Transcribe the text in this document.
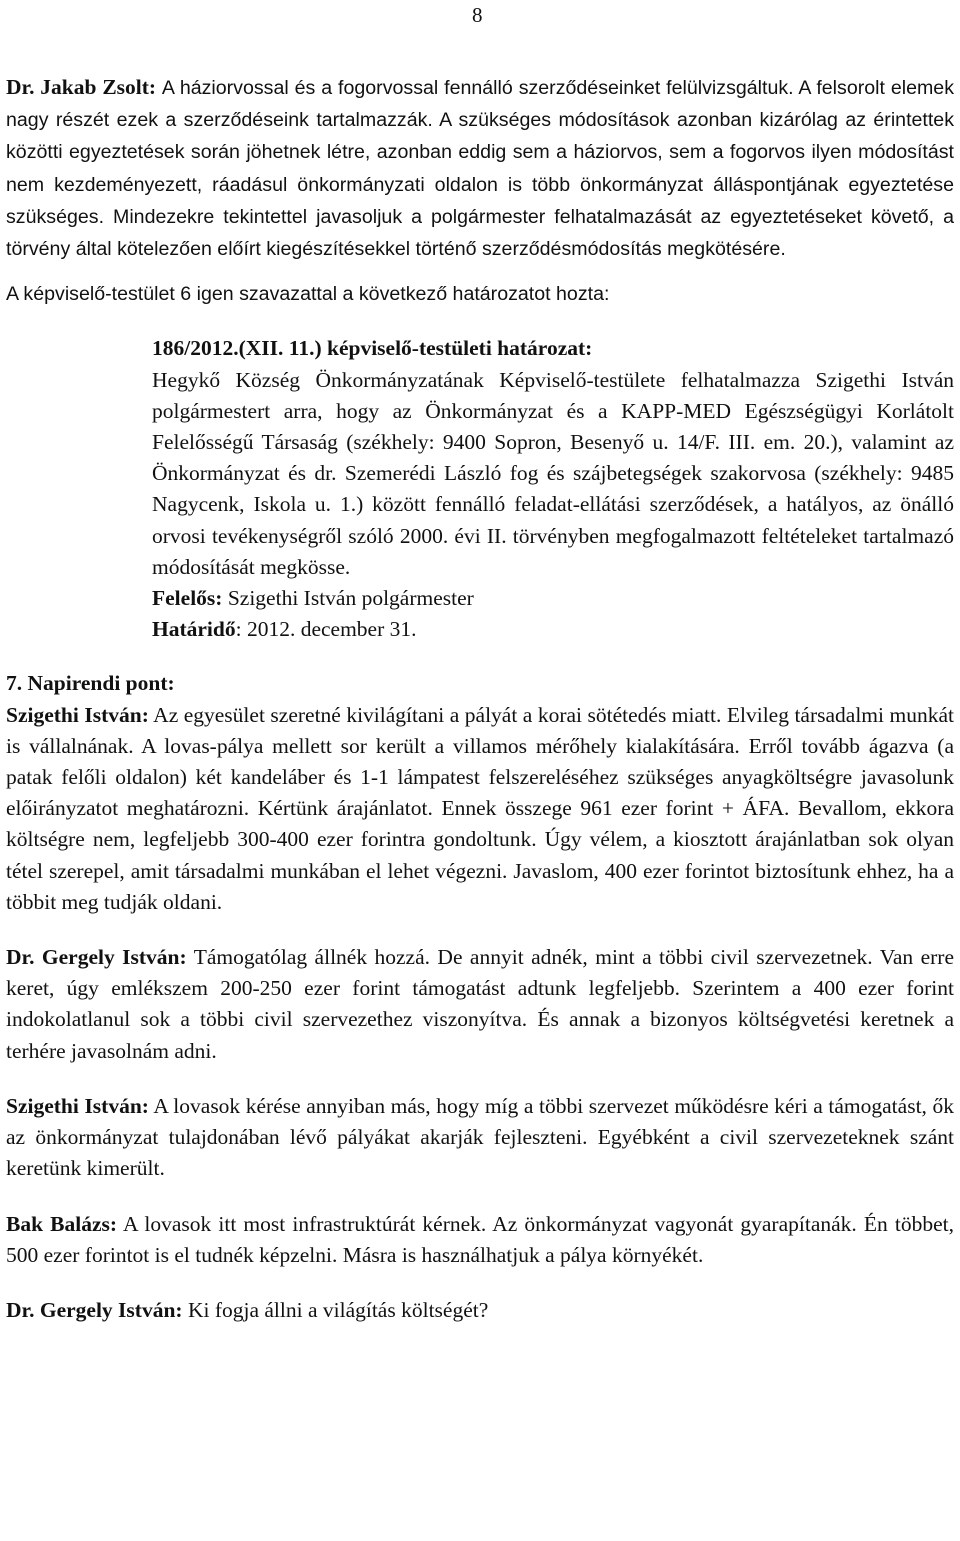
8

Dr. Jakab Zsolt: A háziorvossal és a fogorvossal fennálló szerződéseinket felülvizsgáltuk. A felsorolt elemek nagy részét ezek a szerződéseink tartalmazzák. A szükséges módosítások azonban kizárólag az érintettek közötti egyeztetések során jöhetnek létre, azonban eddig sem a háziorvos, sem a fogorvos ilyen módosítást nem kezdeményezett, ráadásul önkormányzati oldalon is több önkormányzat álláspontjának egyeztetése szükséges. Mindezekre tekintettel javasoljuk a polgármester felhatalmazását az egyeztetéseket követő, a törvény által kötelezően előírt kiegészítésekkel történő szerződésmódosítás megkötésére.

A képviselő-testület 6 igen szavazattal a következő határozatot hozta:

186/2012.(XII. 11.) képviselő-testületi határozat:

Hegykő Község Önkormányzatának Képviselő-testülete felhatalmazza Szigethi István polgármestert arra, hogy az Önkormányzat és a KAPP-MED Egészségügyi Korlátolt Felelősségű Társaság (székhely: 9400 Sopron, Besenyő u. 14/F. III. em. 20.), valamint az Önkormányzat és dr. Szemerédi László fog és szájbetegségek szakorvosa (székhely: 9485 Nagycenk, Iskola u. 1.) között fennálló feladat-ellátási szerződések, a hatályos, az önálló orvosi tevékenységről szóló 2000. évi II. törvényben megfogalmazott feltételeket tartalmazó módosítását megkösse.

Felelős: Szigethi István polgármester

Határidő: 2012. december 31.

7. Napirendi pont:

Szigethi István: Az egyesület szeretné kivilágítani a pályát a korai sötétedés miatt. Elvileg társadalmi munkát is vállalnának. A lovas-pálya mellett sor került a villamos mérőhely kialakítására. Erről tovább ágazva (a patak felőli oldalon) két kandeláber és 1-1 lámpatest felszereléséhez szükséges anyagköltségre javasolunk előirányzatot meghatározni. Kértünk árajánlatot. Ennek összege 961 ezer forint + ÁFA. Bevallom, ekkora költségre nem, legfeljebb 300-400 ezer forintra gondoltunk. Úgy vélem, a kiosztott árajánlatban sok olyan tétel szerepel, amit társadalmi munkában el lehet végezni. Javaslom, 400 ezer forintot biztosítunk ehhez, ha a többit meg tudják oldani.

Dr. Gergely István: Támogatólag állnék hozzá. De annyit adnék, mint a többi civil szervezetnek. Van erre keret, úgy emlékszem 200-250 ezer forint támogatást adtunk legfeljebb. Szerintem a 400 ezer forint indokolatlanul sok a többi civil szervezethez viszonyítva. És annak a bizonyos költségvetési keretnek a terhére javasolnám adni.

Szigethi István: A lovasok kérése annyiban más, hogy míg a többi szervezet működésre kéri a támogatást, ők az önkormányzat tulajdonában lévő pályákat akarják fejleszteni. Egyébként a civil szervezeteknek szánt keretünk kimerült.

Bak Balázs: A lovasok itt most infrastruktúrát kérnek. Az önkormányzat vagyonát gyarapítanák. Én többet, 500 ezer forintot is el tudnék képzelni. Másra is használhatjuk a pálya környékét.

Dr. Gergely István: Ki fogja állni a világítás költségét?
